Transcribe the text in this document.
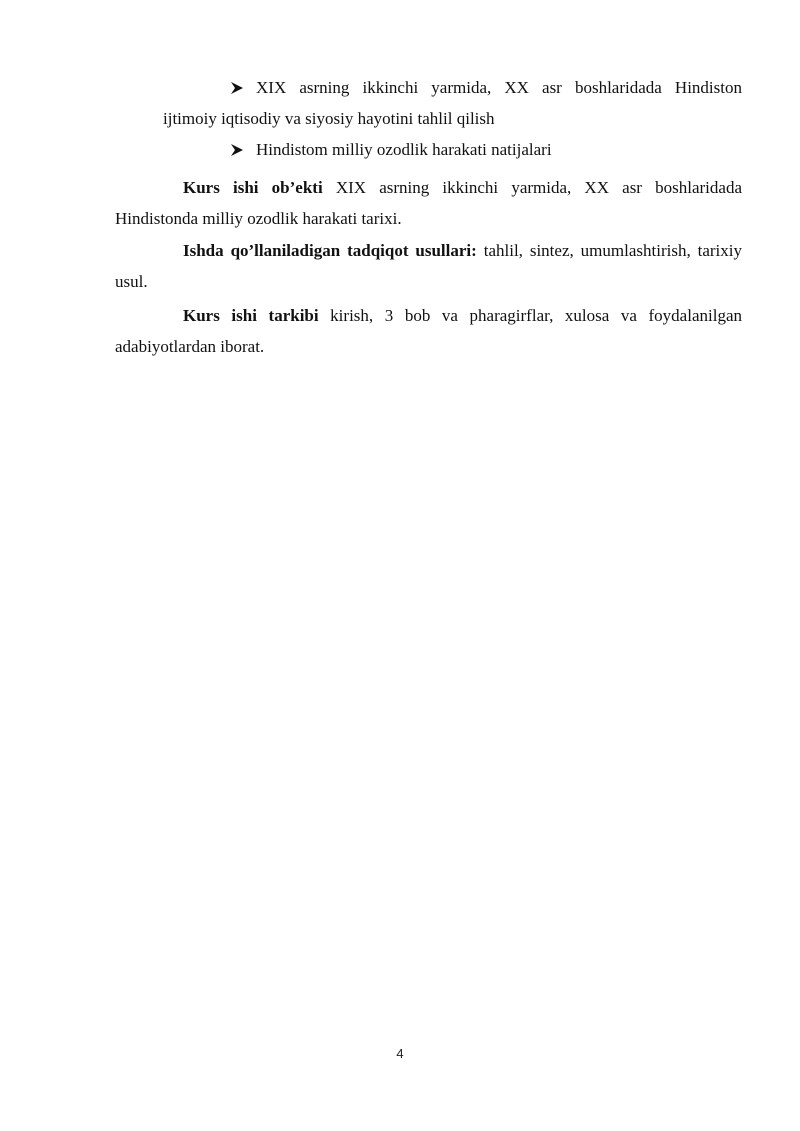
XIX asrning ikkinchi yarmida, XX asr boshlaridada Hindiston
ijtimoiy iqtisodiy va siyosiy hayotini tahlil qilish
Hindistom milliy ozodlik harakati natijalari

Kurs ishi ob’ekti XIX asrning ikkinchi yarmida, XX asr boshlaridada Hindistonda milliy ozodlik harakati tarixi.

Ishda qo’llaniladigan tadqiqot usullari: tahlil, sintez, umumlashtirish, tarixiy usul.

Kurs ishi tarkibi kirish, 3 bob va pharagirflar, xulosa va foydalanilgan adabiyotlardan iborat.

4
